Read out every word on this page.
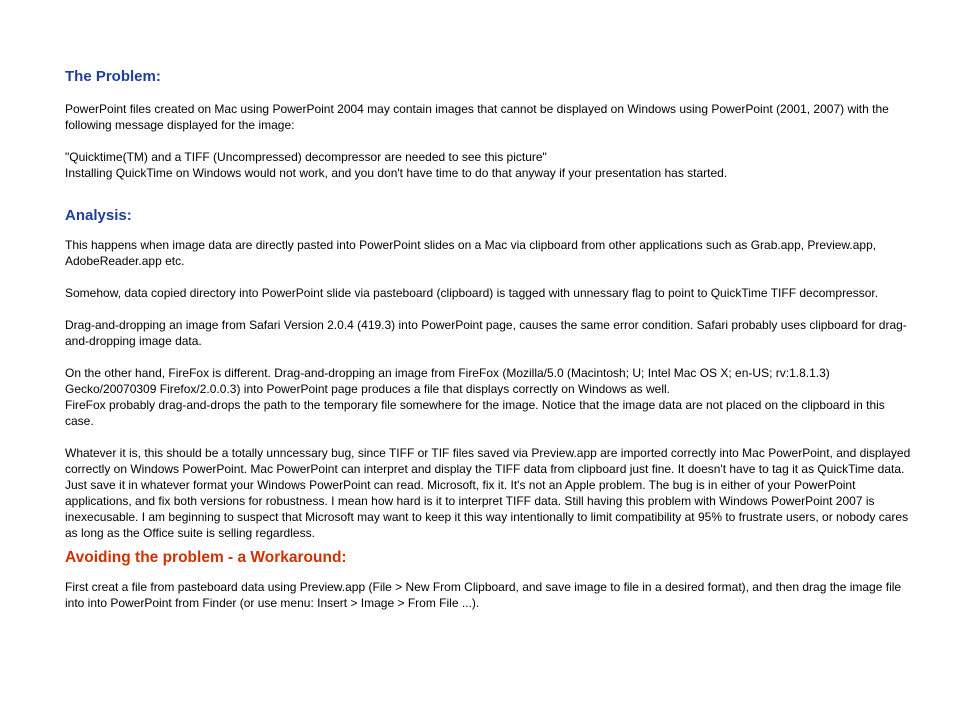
The Problem:

PowerPoint files created on Mac using PowerPoint 2004 may contain images that cannot be displayed on Windows using PowerPoint (2001, 2007) with the following message displayed for the image:

"Quicktime(TM) and a TIFF (Uncompressed) decompressor are needed to see this picture"

Installing QuickTime on Windows would not work, and you don't have time to do that anyway if your presentation has started.

Analysis:

This happens when image data are directly pasted into PowerPoint slides on a Mac via clipboard from other applications such as Grab.app, Preview.app, AdobeReader.app etc.

Somehow, data copied directory into PowerPoint slide via pasteboard (clipboard) is tagged with unnessary flag to point to QuickTime TIFF decompressor.

Drag-and-dropping an image from Safari Version 2.0.4 (419.3) into PowerPoint page, causes the same error condition. Safari probably uses clipboard for drag-and-dropping image data.

On the other hand, FireFox is different. Drag-and-dropping an image from FireFox (Mozilla/5.0 (Macintosh; U; Intel Mac OS X; en-US; rv:1.8.1.3) Gecko/20070309 Firefox/2.0.0.3) into PowerPoint page produces a file that displays correctly on Windows as well.

FireFox probably drag-and-drops the path to the temporary file somewhere for the image. Notice that the image data are not placed on the clipboard in this case.

Whatever it is, this should be a totally unncessary bug, since TIFF or TIF files saved via Preview.app are imported correctly into Mac PowerPoint, and displayed correctly on Windows PowerPoint. Mac PowerPoint can interpret and display the TIFF data from clipboard just fine. It doesn't have to tag it as QuickTime data. Just save it in whatever format your Windows PowerPoint can read. Microsoft, fix it. It's not an Apple problem. The bug is in either of your PowerPoint applications, and fix both versions for robustness. I mean how hard is it to interpret TIFF data. Still having this problem with Windows PowerPoint 2007 is inexecusable. I am beginning to suspect that Microsoft may want to keep it this way intentionally to limit compatibility at 95% to frustrate users, or nobody cares as long as the Office suite is selling regardless.

Avoiding the problem - a Workaround:

First creat a file from pasteboard data using Preview.app (File > New From Clipboard, and save image to file in a desired format), and then drag the image file into into PowerPoint from Finder (or use menu: Insert > Image > From File ...).
